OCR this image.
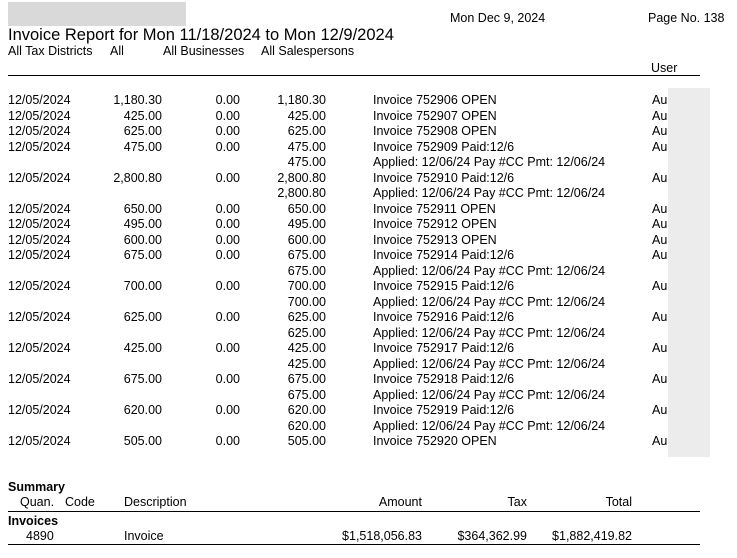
Mon Dec 9, 2024	Page No. 138
Invoice Report for Mon 11/18/2024 to Mon 12/9/2024
All Tax Districts All	All Businesses All Salespersons
User
12/05/2024	1,180.30	0.00	1,180.30	Invoice 752906 OPEN	Au
12/05/2024	425.00	0.00	425.00	Invoice 752907 OPEN	Au
12/05/2024	625.00	0.00	625.00	Invoice 752908 OPEN	Au
12/05/2024	475.00	0.00	475.00	Invoice 752909 Paid:12/6	Au
475.00	Applied: 12/06/24 Pay #CC Pmt: 12/06/24
12/05/2024	2,800.80	0.00	2,800.80	Invoice 752910 Paid:12/6	Au
2,800.80	Applied: 12/06/24 Pay #CC Pmt: 12/06/24
12/05/2024	650.00	0.00	650.00	Invoice 752911 OPEN	Au
12/05/2024	495.00	0.00	495.00	Invoice 752912 OPEN	Au
12/05/2024	600.00	0.00	600.00	Invoice 752913 OPEN	Au
12/05/2024	675.00	0.00	675.00	Invoice 752914 Paid:12/6	Au
675.00	Applied: 12/06/24 Pay #CC Pmt: 12/06/24
12/05/2024	700.00	0.00	700.00	Invoice 752915 Paid:12/6	Au
700.00	Applied: 12/06/24 Pay #CC Pmt: 12/06/24
12/05/2024	625.00	0.00	625.00	Invoice 752916 Paid:12/6	Au
625.00	Applied: 12/06/24 Pay #CC Pmt: 12/06/24
12/05/2024	425.00	0.00	425.00	Invoice 752917 Paid:12/6	Au
425.00	Applied: 12/06/24 Pay #CC Pmt: 12/06/24
12/05/2024	675.00	0.00	675.00	Invoice 752918 Paid:12/6	Au
675.00	Applied: 12/06/24 Pay #CC Pmt: 12/06/24
12/05/2024	620.00	0.00	620.00	Invoice 752919 Paid:12/6	Au
620.00	Applied: 12/06/24 Pay #CC Pmt: 12/06/24
12/05/2024	505.00	0.00	505.00	Invoice 752920 OPEN	Au
Summary
Quan. Code Description	Amount	Tax	Total
Invoices
4890	Invoice	$1,518,056.83	$364,362.99 $1,882,419.82
